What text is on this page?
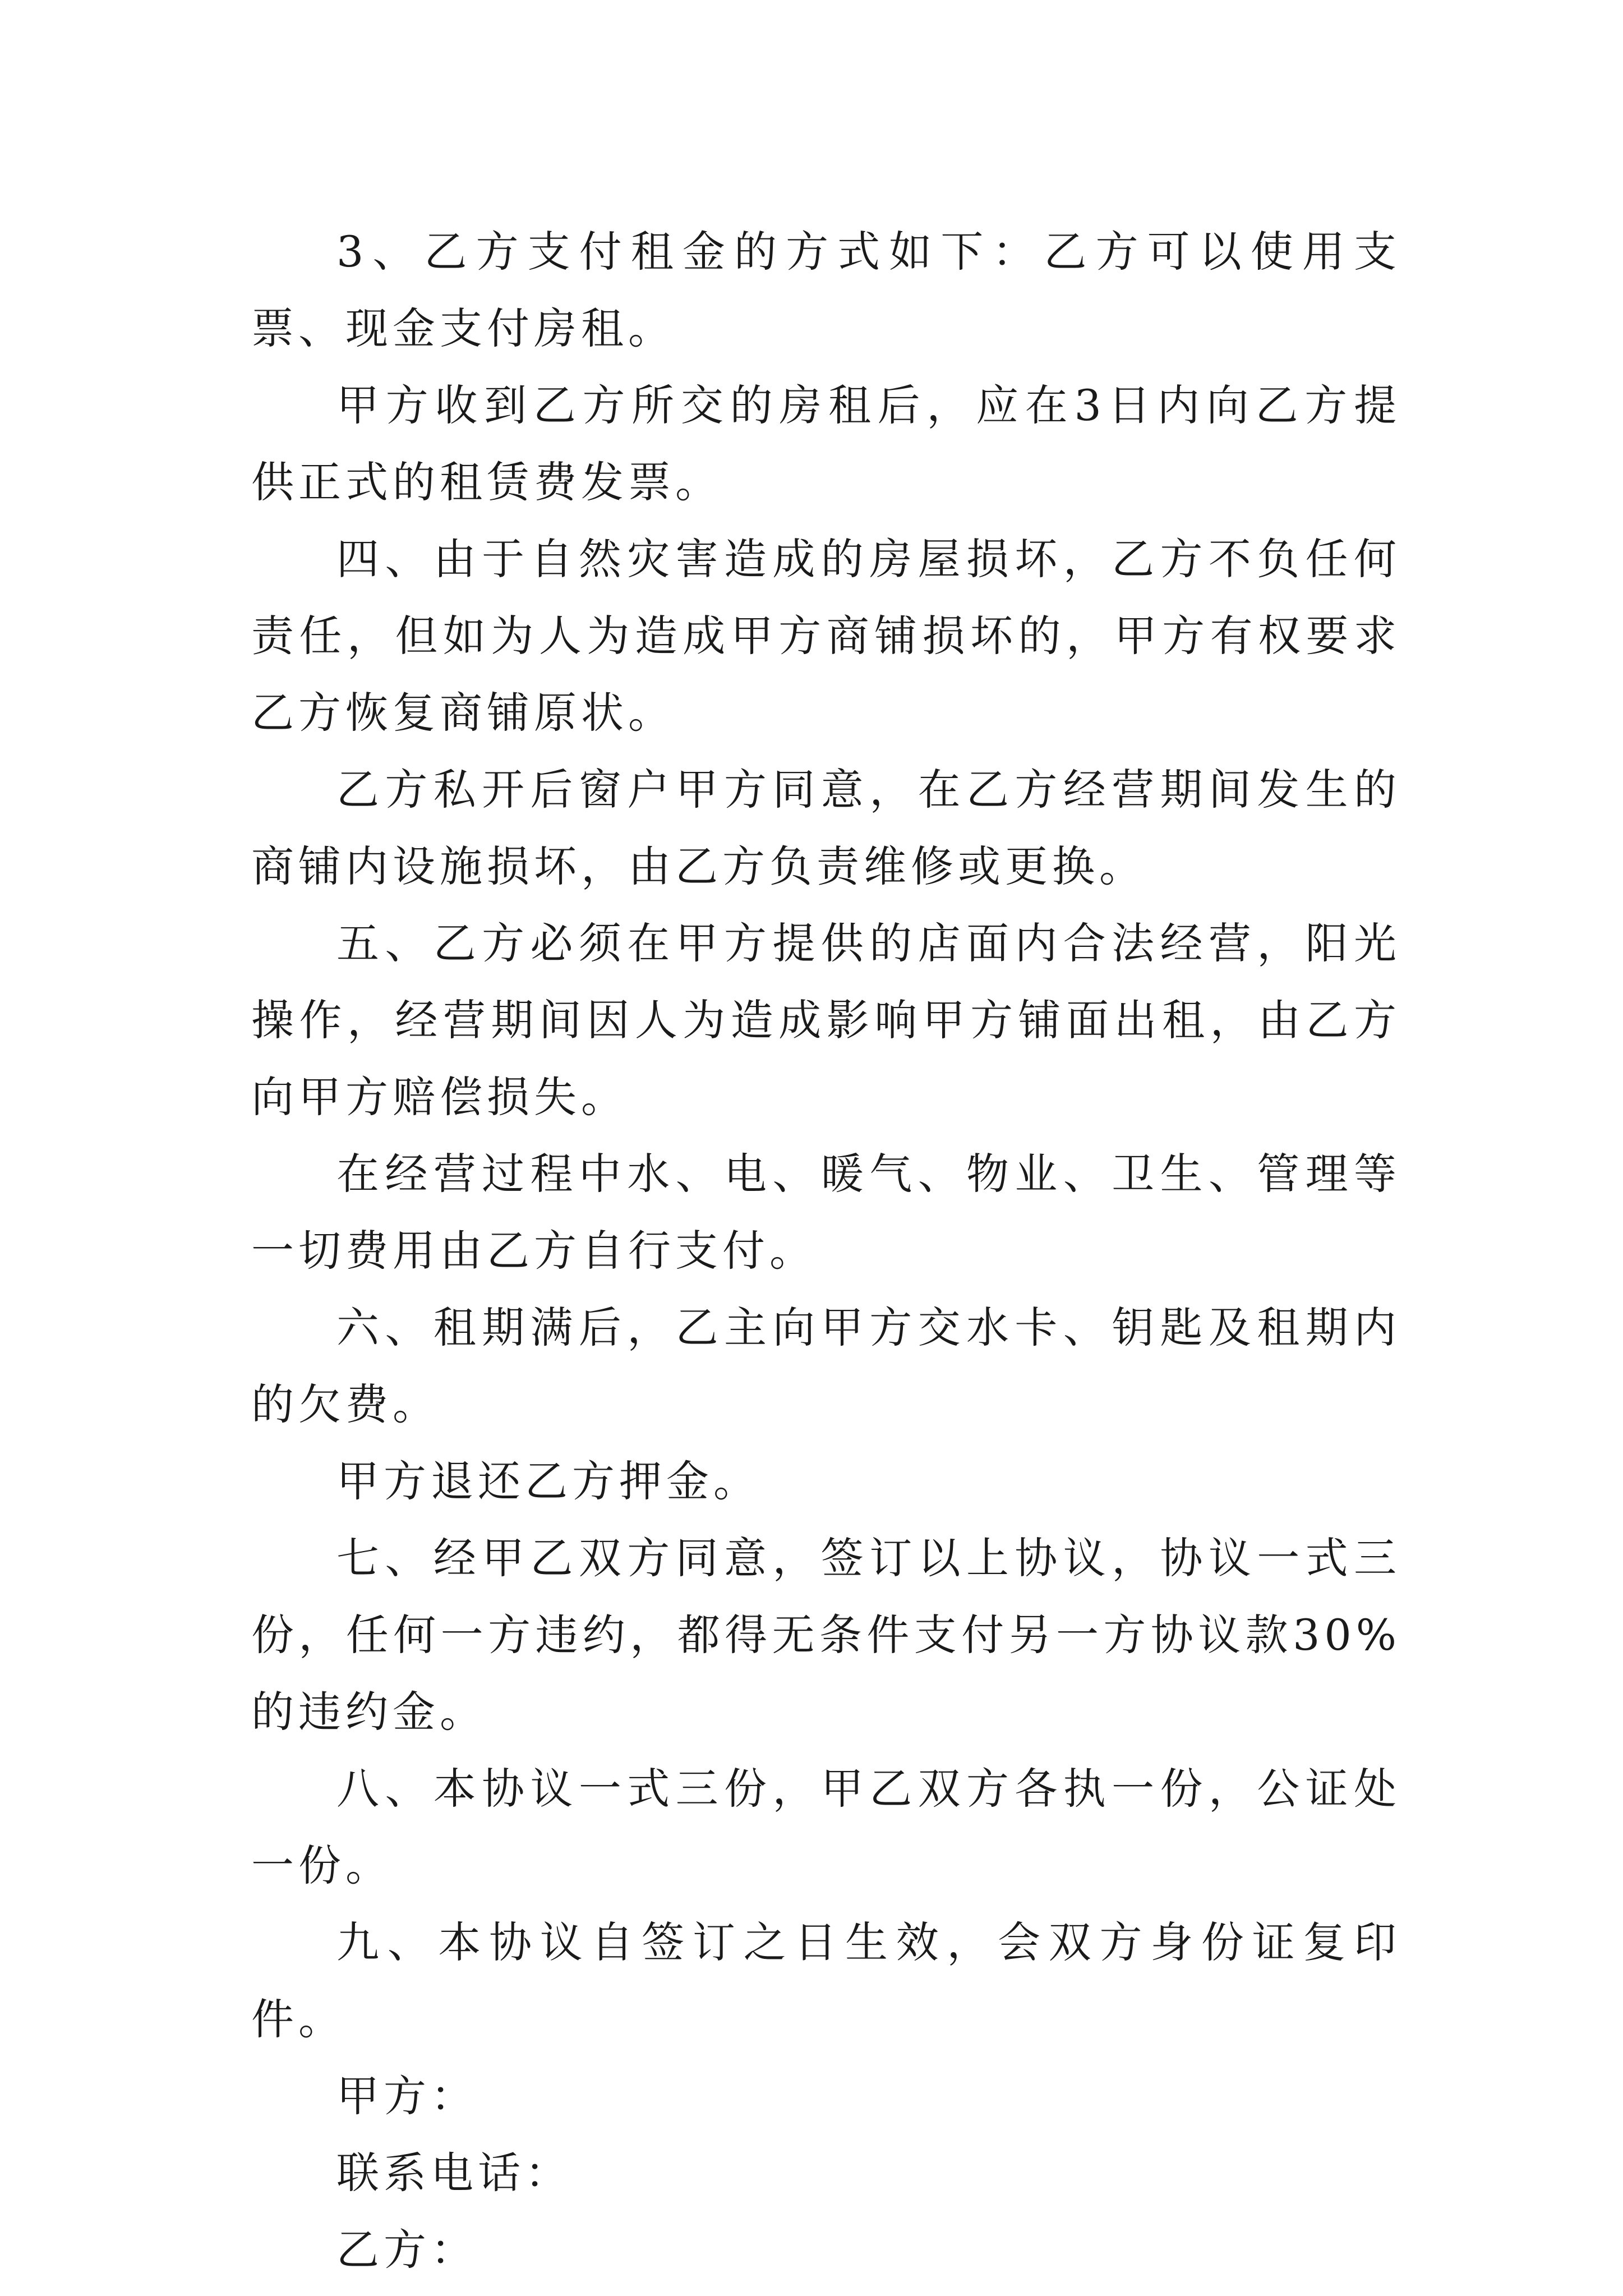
3、乙方支付租金的方式如下：乙方可以使用支票、现金支付房租。

甲方收到乙方所交的房租后，应在3日内向乙方提供正式的租赁费发票。

四、由于自然灾害造成的房屋损坏，乙方不负任何责任，但如为人为造成甲方商铺损坏的，甲方有权要求乙方恢复商铺原状。

乙方私开后窗户甲方同意，在乙方经营期间发生的商铺内设施损坏，由乙方负责维修或更换。

五、乙方必须在甲方提供的店面内合法经营，阳光操作，经营期间因人为造成影响甲方铺面出租，由乙方向甲方赔偿损失。

在经营过程中水、电、暖气、物业、卫生、管理等一切费用由乙方自行支付。

六、租期满后，乙主向甲方交水卡、钥匙及租期内的欠费。

甲方退还乙方押金。

七、经甲乙双方同意，签订以上协议，协议一式三份，任何一方违约，都得无条件支付另一方协议款30%的违约金。

八、本协议一式三份，甲乙双方各执一份，公证处一份。

九、本协议自签订之日生效，会双方身份证复印件。

甲方：

联系电话：

乙方：
